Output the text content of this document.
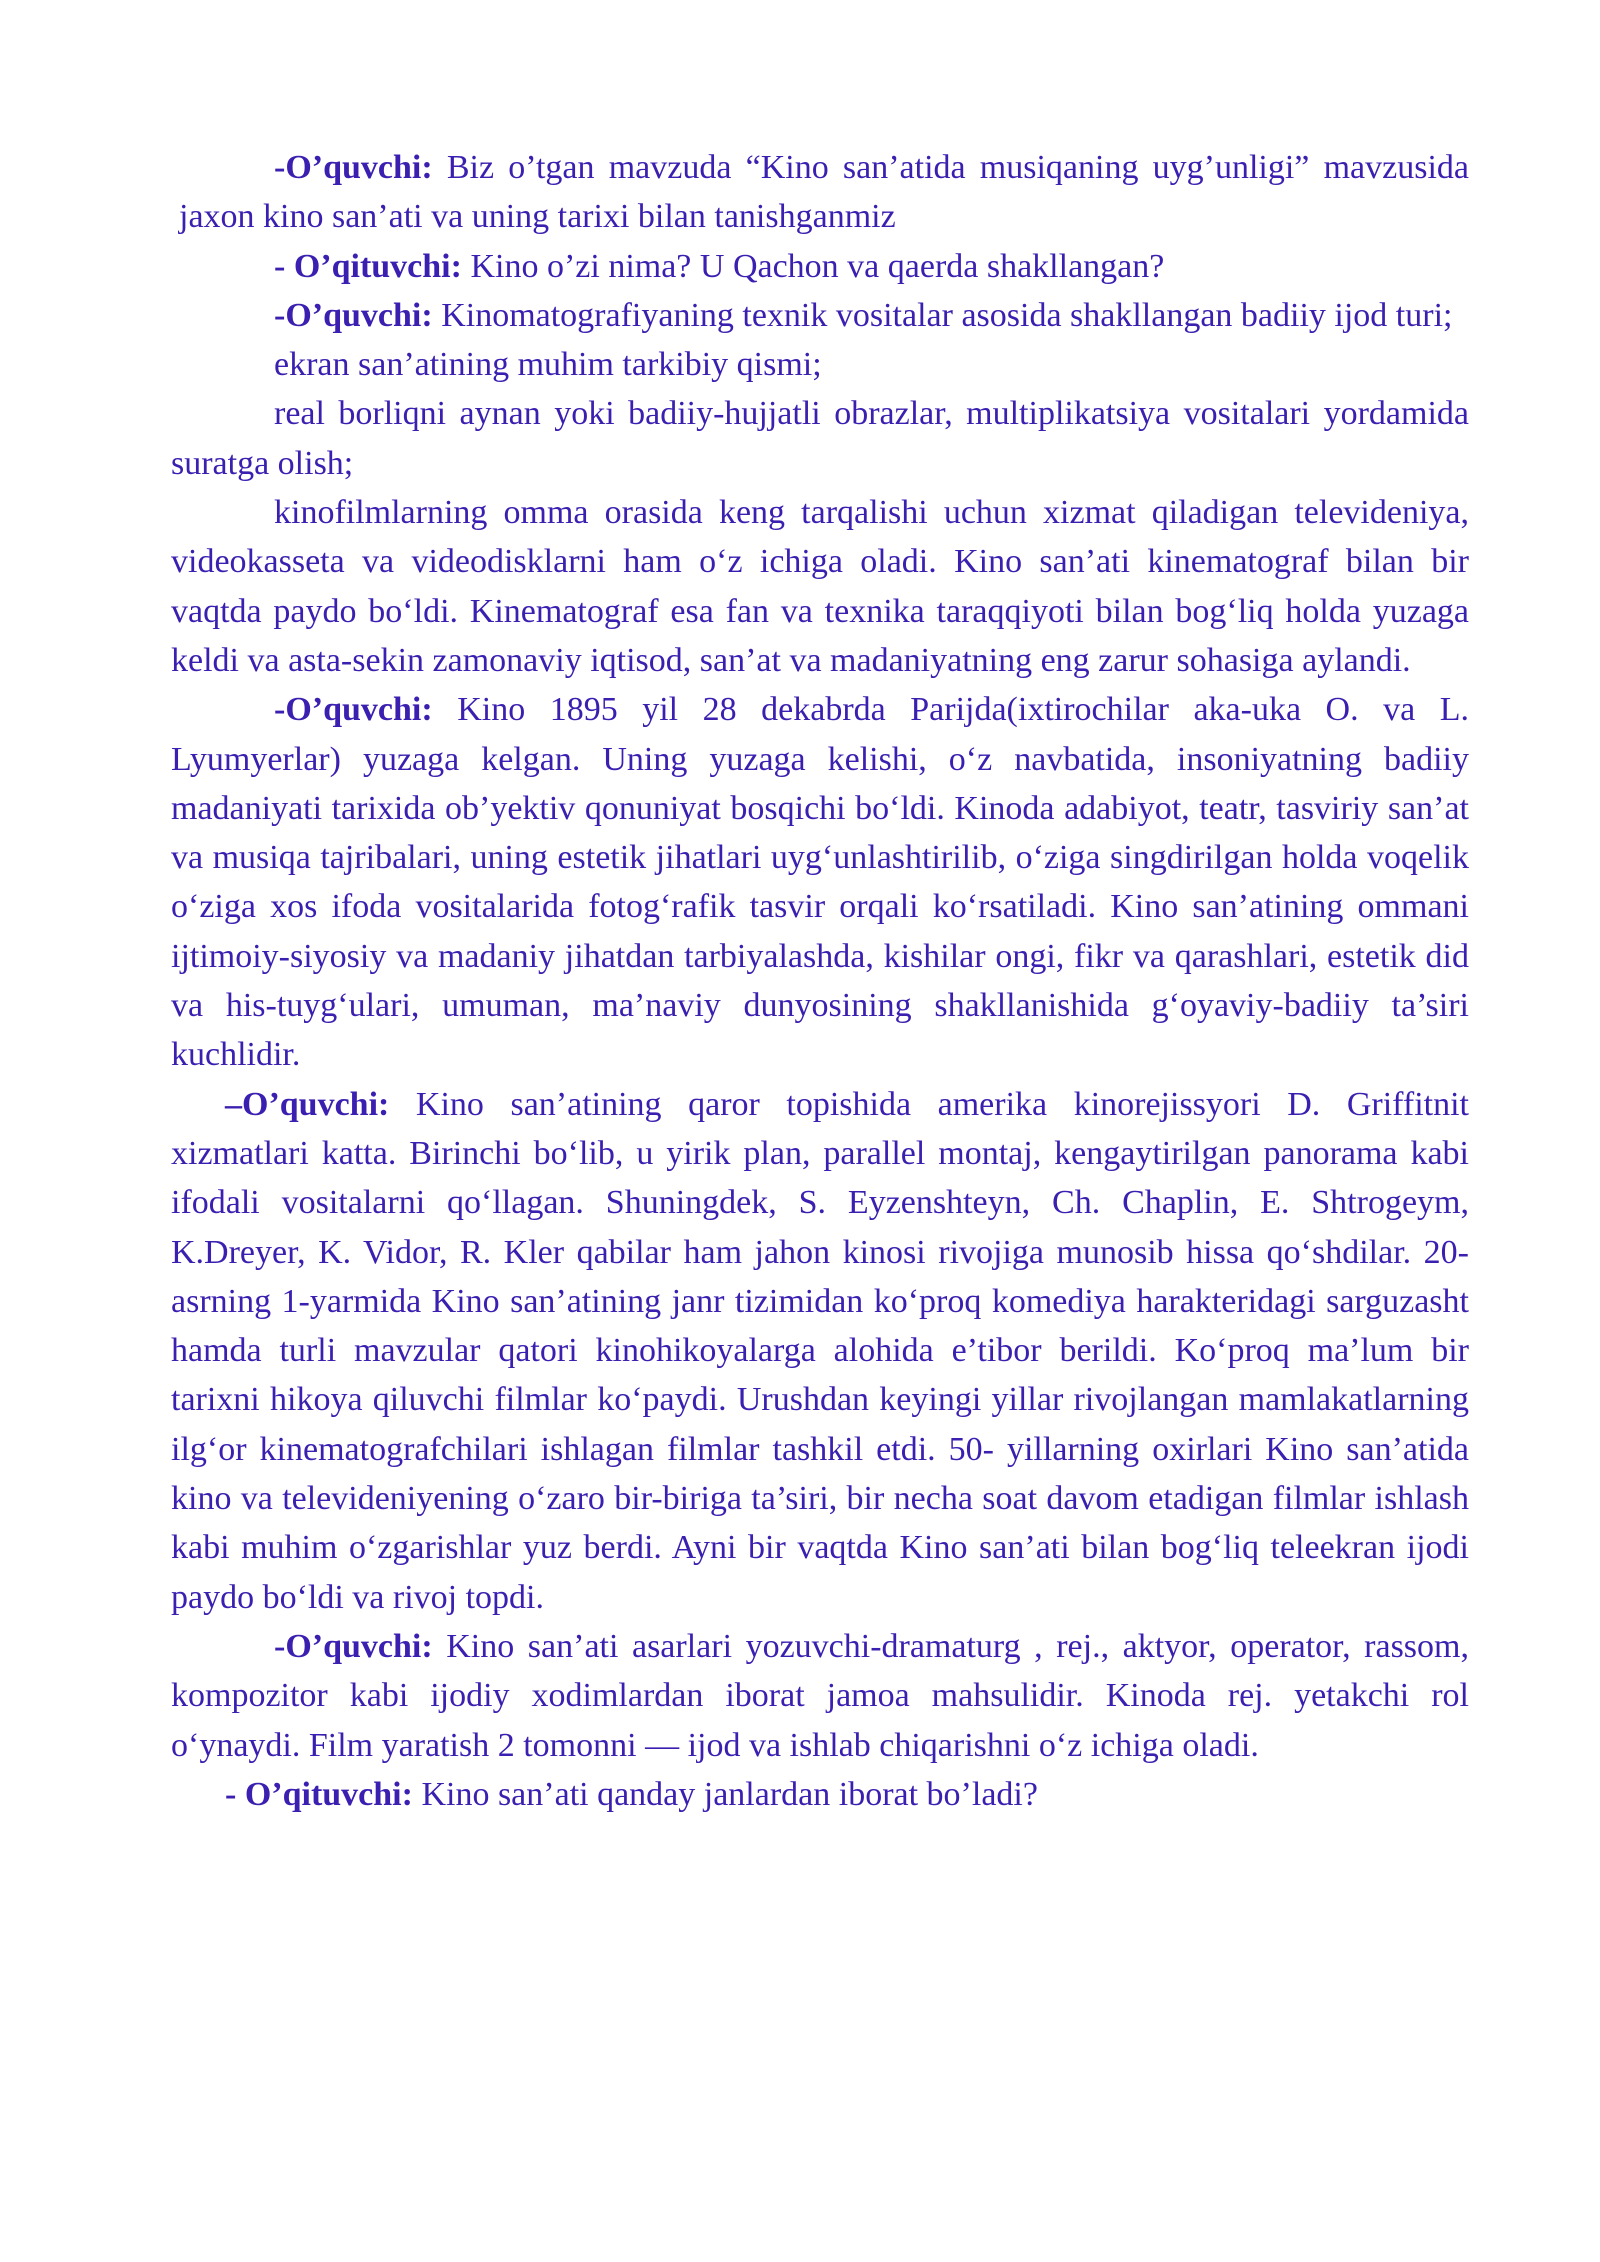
-O’quvchi: Biz o’tgan mavzuda “Kino san’atida musiqaning uyg’unligi” mavzusida jaxon kino san’ati va uning tarixi bilan tanishganmiz

- O’qituvchi: Kino o’zi nima? U Qachon va qaerda shakllangan?

-O’quvchi: Kinomatografiyaning texnik vositalar asosida shakllangan badiiy ijod turi;

ekran san’atining muhim tarkibiy qismi;

real borliqni aynan yoki badiiy-hujjatli obrazlar, multiplikatsiya vositalari yordamida suratga olish;

kinofilmlarning omma orasida keng tarqalishi uchun xizmat qiladigan televideniya, videokasseta va videodisklarni ham o‘z ichiga oladi. Kino san’ati kinematograf bilan bir vaqtda paydo bo‘ldi. Kinematograf esa fan va texnika taraqqiyoti bilan bog‘liq holda yuzaga keldi va asta-sekin zamonaviy iqtisod, san’at va madaniyatning eng zarur sohasiga aylandi.

-O’quvchi: Kino 1895 yil 28 dekabrda Parijda(ixtirochilar aka-uka O. va L. Lyumyerlar) yuzaga kelgan. Uning yuzaga kelishi, o‘z navbatida, insoniyatning badiiy madaniyati tarixida ob’yektiv qonuniyat bosqichi bo‘ldi. Kinoda adabiyot, teatr, tasviriy san’at va musiqa tajribalari, uning estetik jihatlari uyg‘unlashtirilib, o‘ziga singdirilgan holda voqelik o‘ziga xos ifoda vositalarida fotog‘rafik tasvir orqali ko‘rsatiladi. Kino san’atining ommani ijtimoiy-siyosiy va madaniy jihatdan tarbiyalashda, kishilar ongi, fikr va qarashlari, estetik did va his-tuyg‘ulari, umuman, ma’naviy dunyosining shakllanishida g‘oyaviy-badiiy ta’siri kuchlidir.

–O’quvchi: Kino san’atining qaror topishida amerika kinorejissyori D. Griffitnit xizmatlari katta. Birinchi bo‘lib, u yirik plan, parallel montaj, kengaytirilgan panorama kabi ifodali vositalarni qo‘llagan. Shuningdek, S. Eyzenshteyn, Ch. Chaplin, E. Shtrogeym, K.Dreyer, K. Vidor, R. Kler qabilar ham jahon kinosi rivojiga munosib hissa qo‘shdilar. 20-asrning 1-yarmida Kino san’atining janr tizimidan ko‘proq komediya harakteridagi sarguzasht hamda turli mavzular qatori kinohikoyalarga alohida e’tibor berildi. Ko‘proq ma’lum bir tarixni hikoya qiluvchi filmlar ko‘paydi. Urushdan keyingi yillar rivojlangan mamlakatlarning ilg‘or kinematografchilari ishlagan filmlar tashkil etdi. 50- yillarning oxirlari Kino san’atida kino va televideniyening o‘zaro bir-biriga ta’siri, bir necha soat davom etadigan filmlar ishlash kabi muhim o‘zgarishlar yuz berdi. Ayni bir vaqtda Kino san’ati bilan bog‘liq teleekran ijodi paydo bo‘ldi va rivoj topdi.

-O’quvchi: Kino san’ati asarlari yozuvchi-dramaturg , rej., aktyor, operator, rassom, kompozitor kabi ijodiy xodimlardan iborat jamoa mahsulidir. Kinoda rej. yetakchi rol o‘ynaydi. Film yaratish 2 tomonni — ijod va ishlab chiqarishni o‘z ichiga oladi.

- O’qituvchi: Kino san’ati qanday janlardan iborat bo’ladi?
